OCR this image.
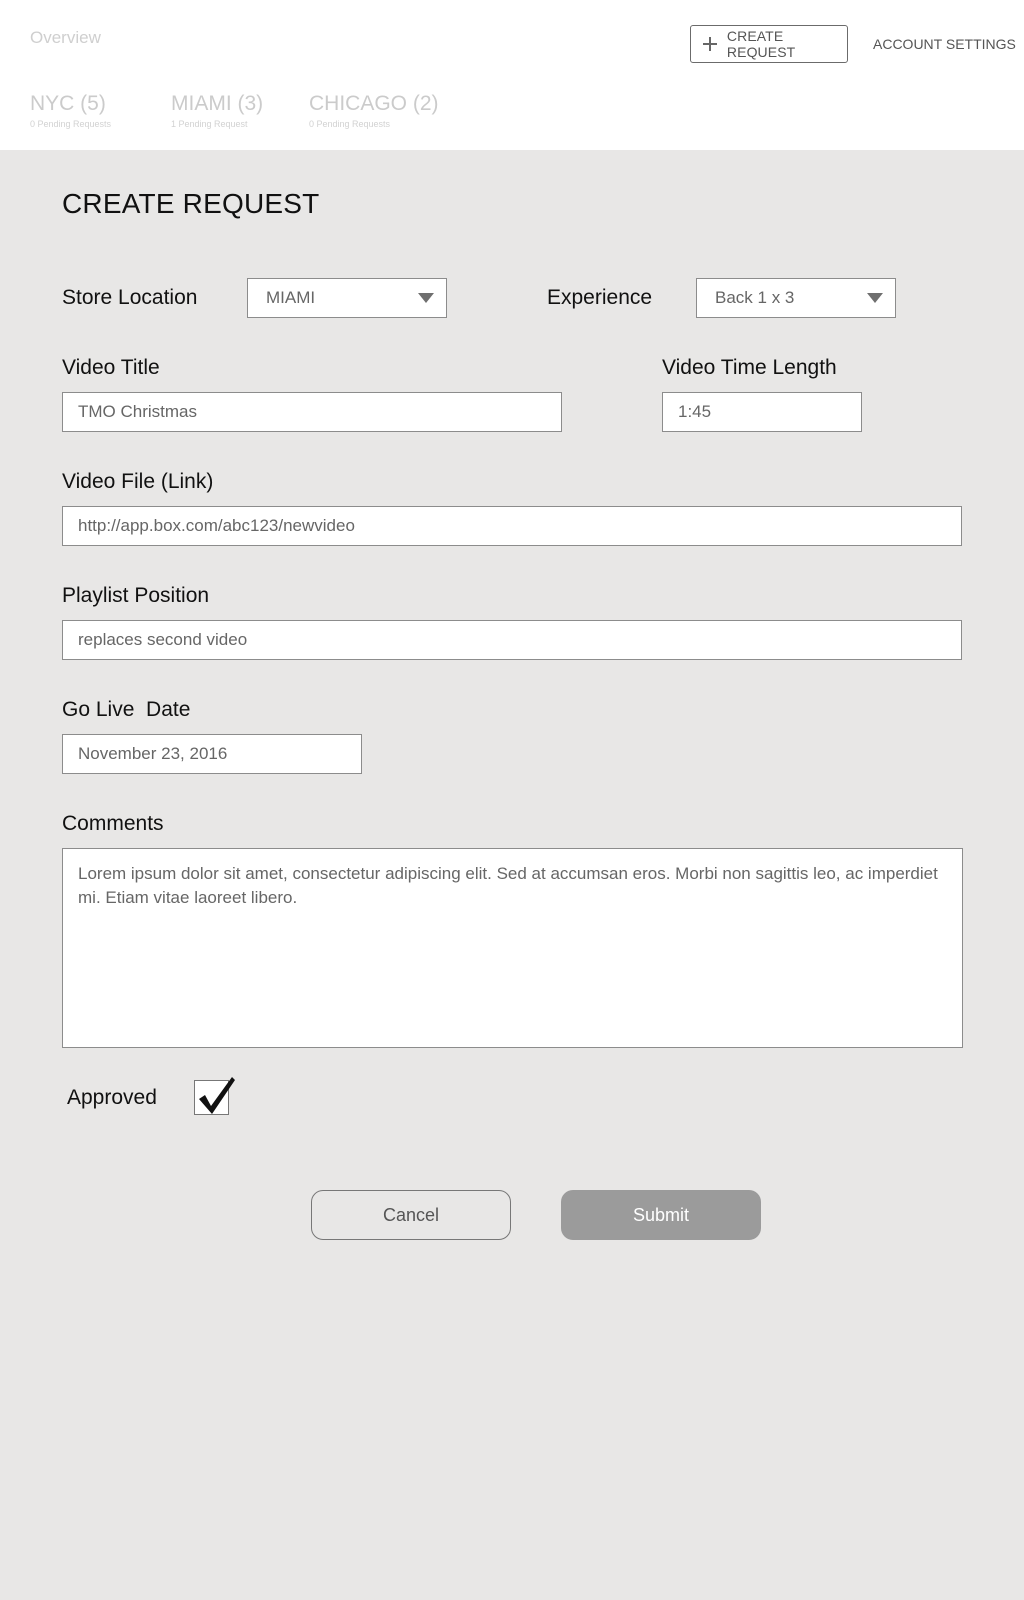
Overview	CREATE REQUEST	ACCOUNT SETTINGS
NYC (5)
0 Pending Requests
MIAMI (3)
1 Pending Request
CHICAGO (2)
0 Pending Requests
CREATE REQUEST
Store Location	MIAMI	Experience	Back 1 x 3
Video Title
TMO Christmas
Video Time Length
1:45
Video File (Link)
http://app.box.com/abc123/newvideo
Playlist Position
replaces second video
Go Live  Date
November 23, 2016
Comments
Lorem ipsum dolor sit amet, consectetur adipiscing elit. Sed at accumsan eros. Morbi non sagittis leo, ac imperdiet mi. Etiam vitae laoreet libero.
Approved
Cancel	Submit
